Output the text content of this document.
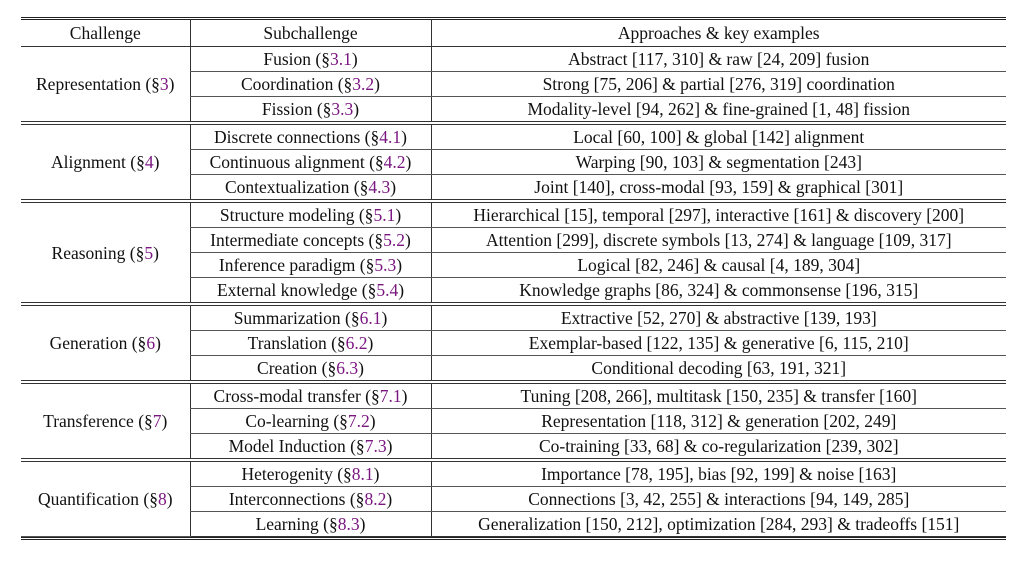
Challenge	Subchallenge	Approaches & key examples
Representation (§3)	Fusion (§3.1)	Abstract [117, 310] & raw [24, 209] fusion
	Coordination (§3.2)	Strong [75, 206] & partial [276, 319] coordination
	Fission (§3.3)	Modality-level [94, 262] & fine-grained [1, 48] fission
Alignment (§4)	Discrete connections (§4.1)	Local [60, 100] & global [142] alignment
	Continuous alignment (§4.2)	Warping [90, 103] & segmentation [243]
	Contextualization (§4.3)	Joint [140], cross-modal [93, 159] & graphical [301]
Reasoning (§5)	Structure modeling (§5.1)	Hierarchical [15], temporal [297], interactive [161] & discovery [200]
	Intermediate concepts (§5.2)	Attention [299], discrete symbols [13, 274] & language [109, 317]
	Inference paradigm (§5.3)	Logical [82, 246] & causal [4, 189, 304]
	External knowledge (§5.4)	Knowledge graphs [86, 324] & commonsense [196, 315]
Generation (§6)	Summarization (§6.1)	Extractive [52, 270] & abstractive [139, 193]
	Translation (§6.2)	Exemplar-based [122, 135] & generative [6, 115, 210]
	Creation (§6.3)	Conditional decoding [63, 191, 321]
Transference (§7)	Cross-modal transfer (§7.1)	Tuning [208, 266], multitask [150, 235] & transfer [160]
	Co-learning (§7.2)	Representation [118, 312] & generation [202, 249]
	Model Induction (§7.3)	Co-training [33, 68] & co-regularization [239, 302]
Quantification (§8)	Heterogenity (§8.1)	Importance [78, 195], bias [92, 199] & noise [163]
	Interconnections (§8.2)	Connections [3, 42, 255] & interactions [94, 149, 285]
	Learning (§8.3)	Generalization [150, 212], optimization [284, 293] & tradeoffs [151]
